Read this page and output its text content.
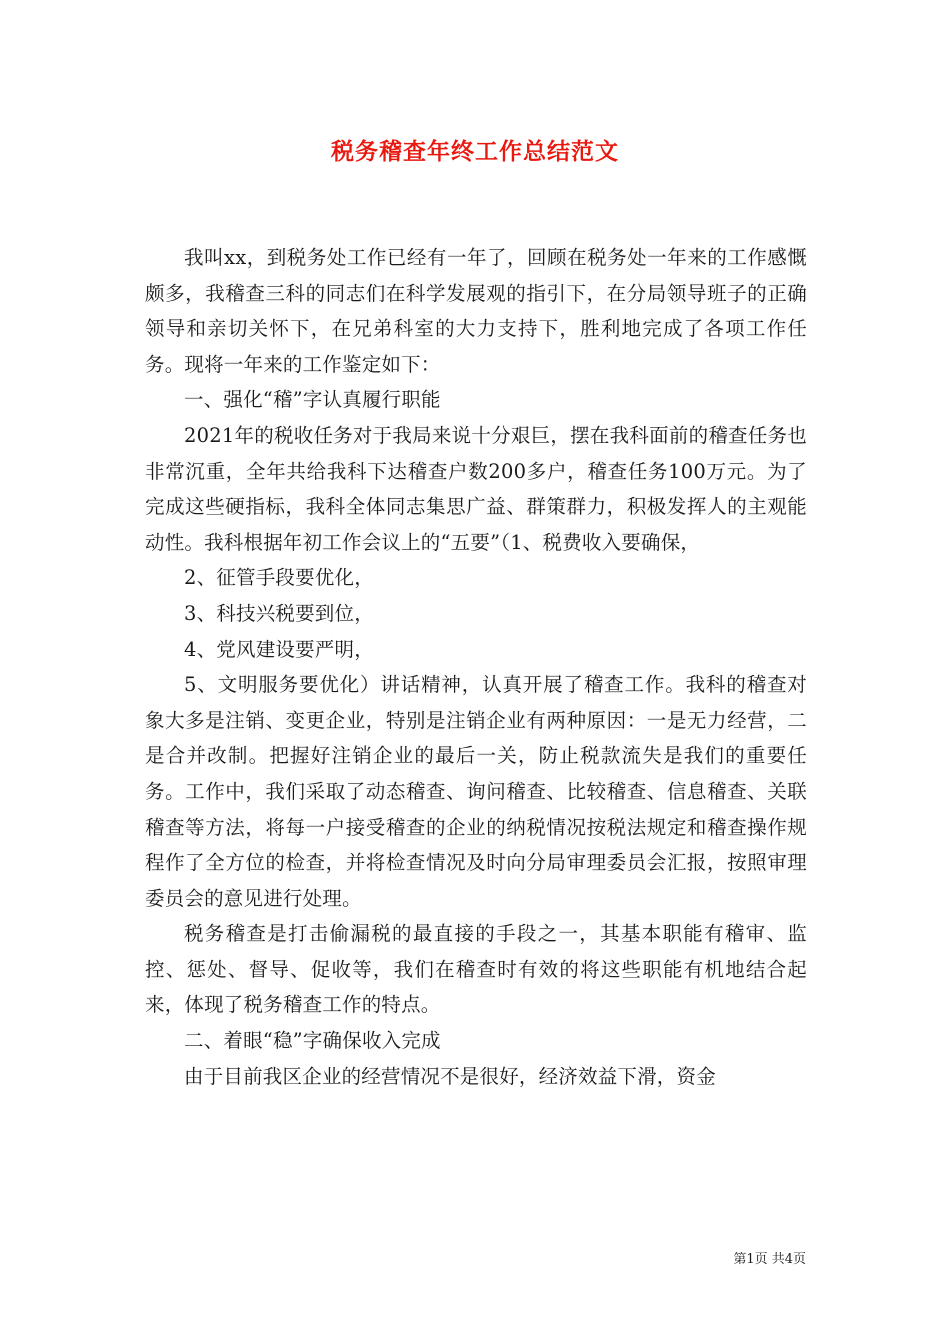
税务稽查年终工作总结范文

我叫xx，到税务处工作已经有一年了，回顾在税务处一年来的工作感慨颇多，我稽查三科的同志们在科学发展观的指引下，在分局领导班子的正确领导和亲切关怀下，在兄弟科室的大力支持下，胜利地完成了各项工作任务。现将一年来的工作鉴定如下：

一、强化“稽”字认真履行职能

2021年的税收任务对于我局来说十分艰巨，摆在我科面前的稽查任务也非常沉重，全年共给我科下达稽查户数200多户，稽查任务100万元。为了完成这些硬指标，我科全体同志集思广益、群策群力，积极发挥人的主观能动性。我科根据年初工作会议上的“五要”（1、税费收入要确保，

2、征管手段要优化，

3、科技兴税要到位，

4、党风建设要严明，

5、文明服务要优化）讲话精神，认真开展了稽查工作。我科的稽查对象大多是注销、变更企业，特别是注销企业有两种原因：一是无力经营，二是合并改制。把握好注销企业的最后一关，防止税款流失是我们的重要任务。工作中，我们采取了动态稽查、询问稽查、比较稽查、信息稽查、关联稽查等方法，将每一户接受稽查的企业的纳税情况按税法规定和稽查操作规程作了全方位的检查，并将检查情况及时向分局审理委员会汇报，按照审理委员会的意见进行处理。

税务稽查是打击偷漏税的最直接的手段之一，其基本职能有稽审、监控、惩处、督导、促收等，我们在稽查时有效的将这些职能有机地结合起来，体现了税务稽查工作的特点。

二、着眼“稳”字确保收入完成

由于目前我区企业的经营情况不是很好，经济效益下滑，资金

第1页 共4页
